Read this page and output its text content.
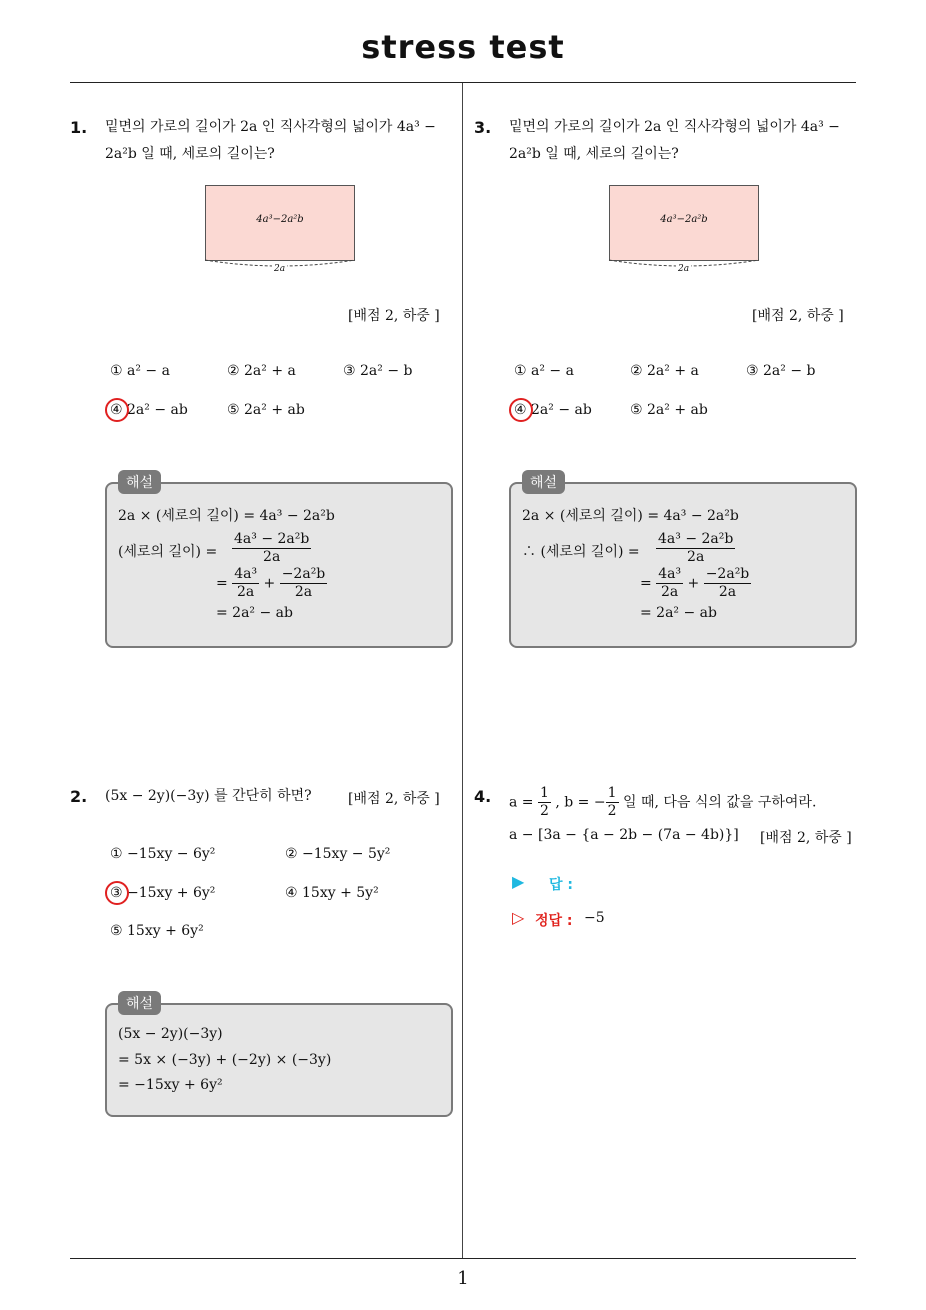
stress test
1
1. 밑면의 가로의 길이가 2a 인 직사각형의 넓이가 4a³ −
2a²b 일 때, 세로의 길이는?
4a³−2a²b
2a
[배점 2, 하중 ]
① a² − a	② 2a² + a	③ 2a² − b
④ 2a² − ab	⑤ 2a² + ab
해설
2a × (세로의 길이) = 4a³ − 2a²b
(세로의 길이) = $\frac{\text{4a³ − 2a²b}}{2a}$
= $\frac{\text{4a³}}{2a} + \frac{\text{−2a²b}}{2a}$
= 2a² − ab
3. 밑면의 가로의 길이가 2a 인 직사각형의 넓이가 4a³ −
2a²b 일 때, 세로의 길이는?
4a³−2a²b
2a
[배점 2, 하중 ]
① a² − a	② 2a² + a	③ 2a² − b
④ 2a² − ab	⑤ 2a² + ab
해설
2a × (세로의 길이) = 4a³ − 2a²b
∴ (세로의 길이) = $\frac{\text{4a³ − 2a²b}}{2a}$
= $\frac{\text{4a³}}{2a} + \frac{\text{−2a²b}}{2a}$
= 2a² − ab
2. (5x − 2y)(−3y) 를 간단히 하면?	[배점 2, 하중 ]
① −15xy − 6y²	② −15xy − 5y²
③ −15xy + 6y²	④ 15xy + 5y²
⑤ 15xy + 6y²
해설
(5x − 2y)(−3y)
= 5x × (−3y) + (−2y) × (−3y)
= −15xy + 6y²
4. $a = \frac{1}{2}$ , b = − $\frac{1}{2}$ 일 때, 다음 식의 값을 구하여라.
a − [3a − {a − 2b − (7a − 4b)}] [배점 2, 하중 ]
▶ 답 :
▷ 정답 : −5
